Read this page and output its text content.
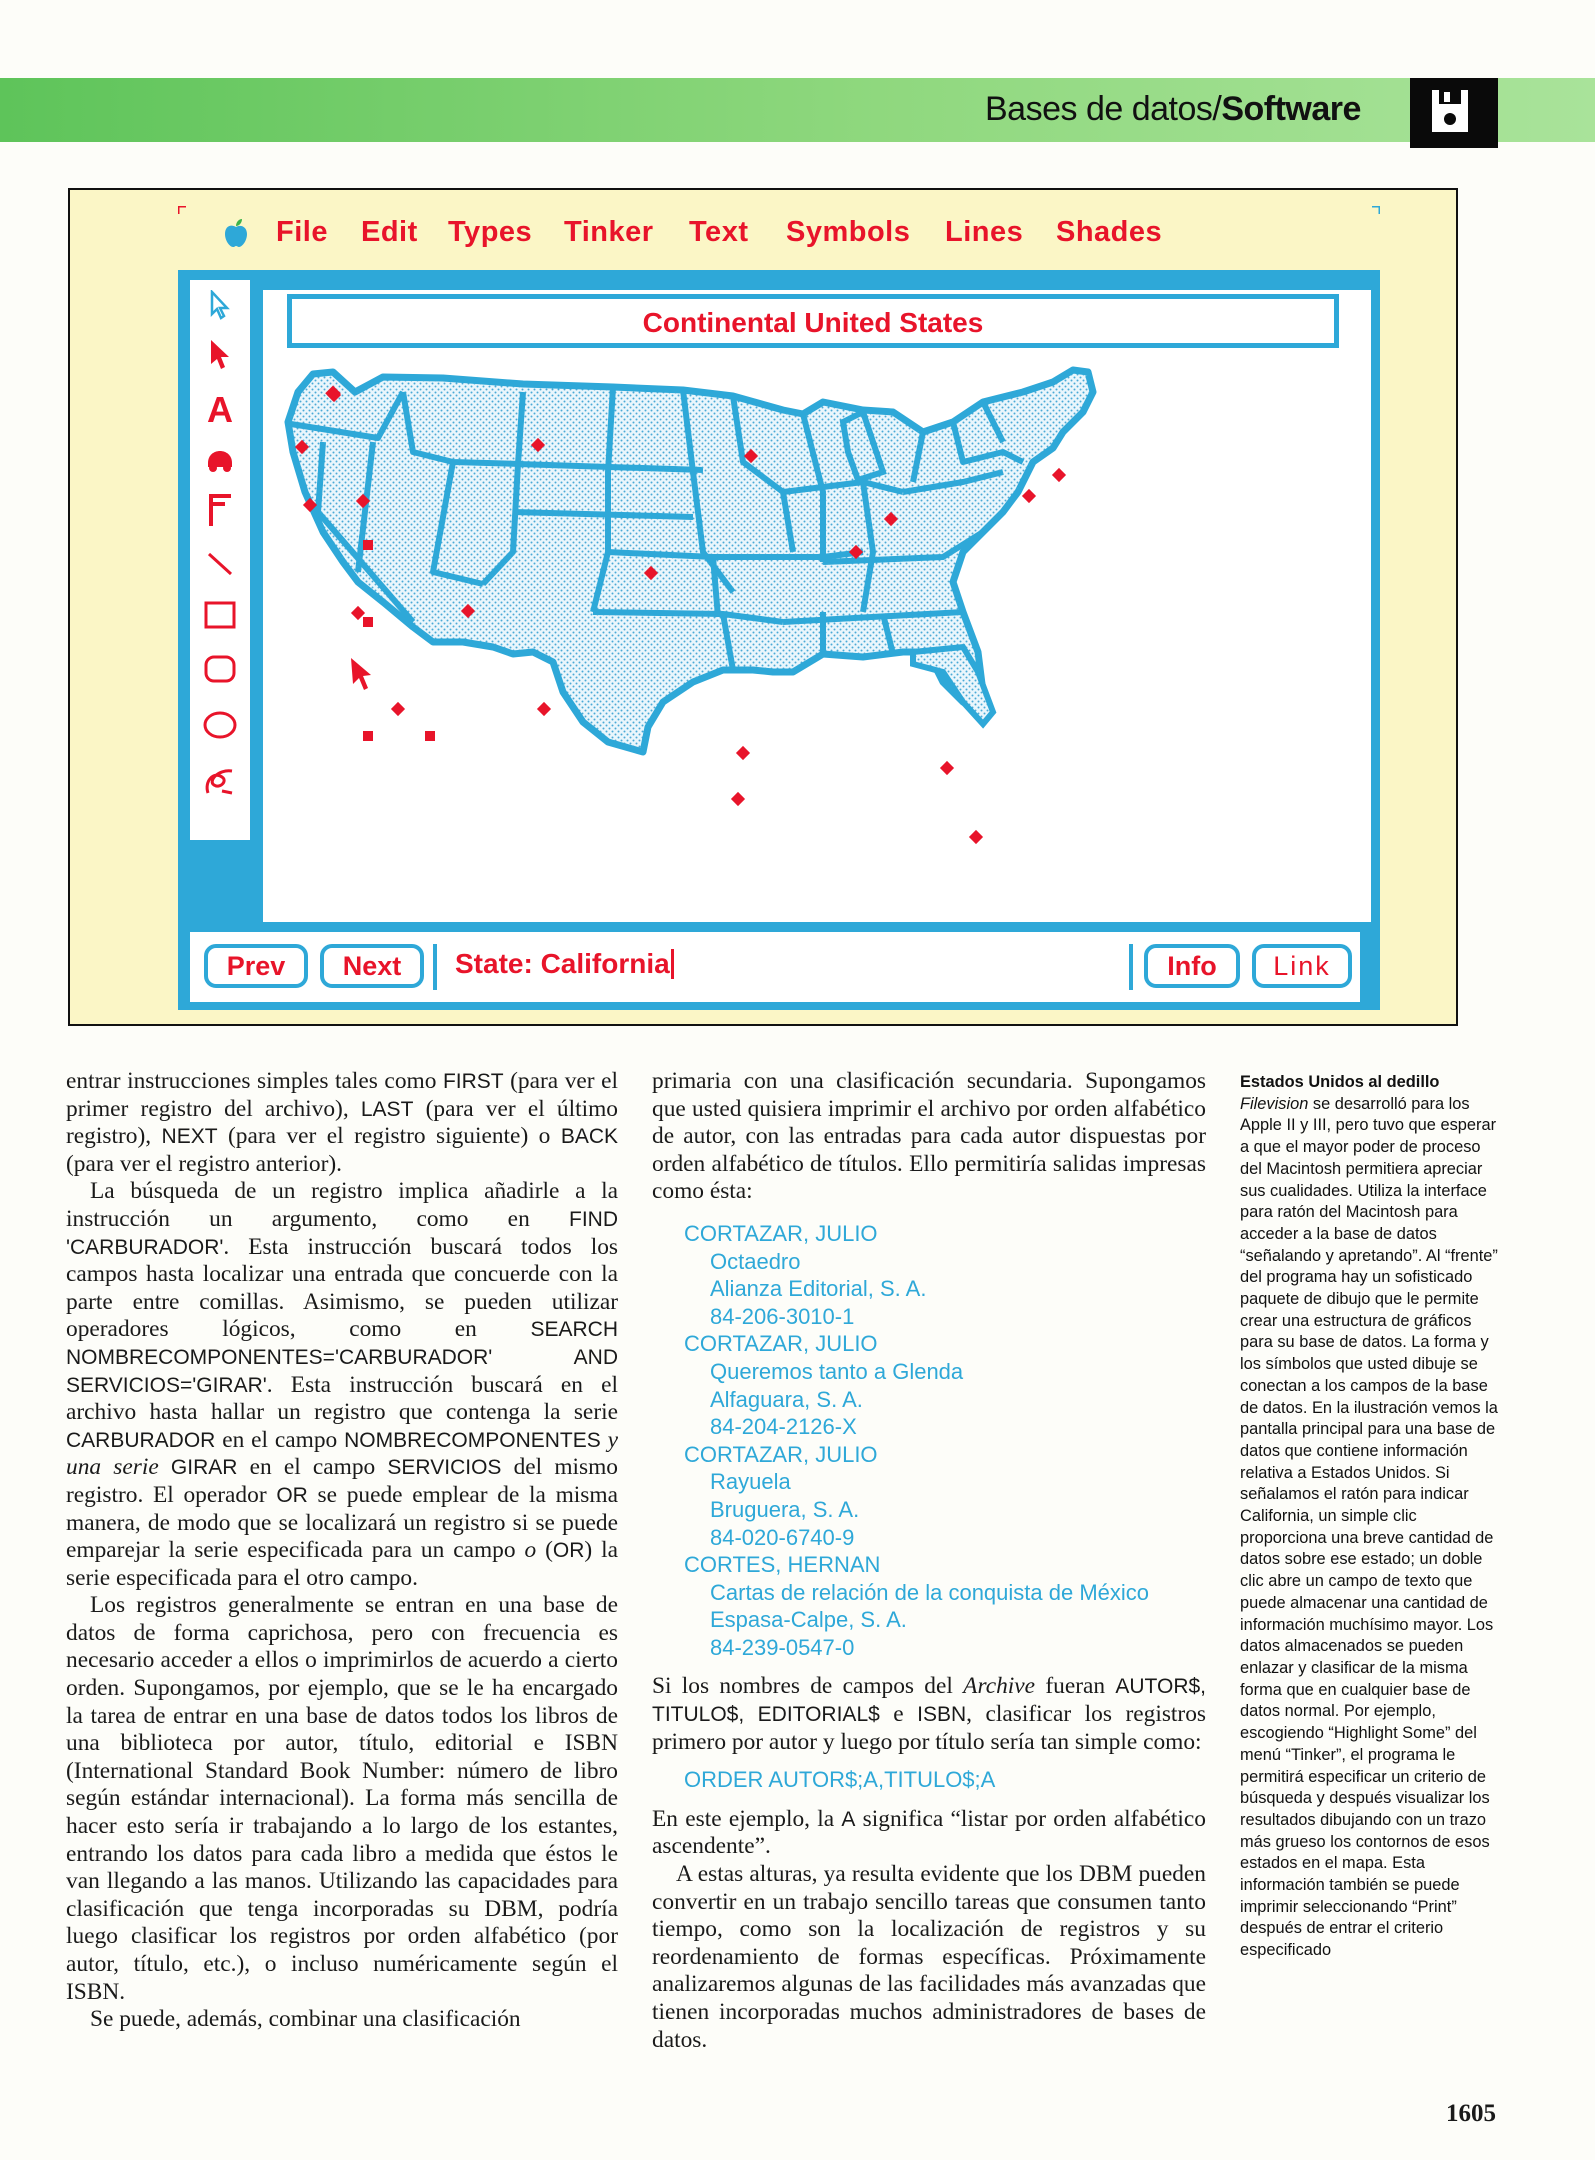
Bases de datos/Software
File Edit Types Tinker Text Symbols Lines Shades
A
Continental United States
Prev	Next	State: California	Info	Link

entrar instrucciones simples tales como FIRST (para ver el primer registro del archivo), LAST (para ver el último registro), NEXT (para ver el registro siguiente) o BACK (para ver el registro anterior).

La búsqueda de un registro implica añadirle a la instrucción un argumento, como en FIND 'CARBURADOR'. Esta instrucción buscará todos los campos hasta localizar una entrada que concuerde con la parte entre comillas. Asimismo, se pueden utilizar operadores lógicos, como en SEARCH NOMBRECOMPONENTES='CARBURADOR' AND SERVICIOS='GIRAR'. Esta instrucción buscará en el archivo hasta hallar un registro que contenga la serie CARBURADOR en el campo NOMBRECOMPONENTES y una serie GIRAR en el campo SERVICIOS del mismo registro. El operador OR se puede emplear de la misma manera, de modo que se localizará un registro si se puede emparejar la serie especificada para un campo o (OR) la serie especificada para el otro campo.

Los registros generalmente se entran en una base de datos de forma caprichosa, pero con frecuencia es necesario acceder a ellos o imprimirlos de acuerdo a cierto orden. Supongamos, por ejemplo, que se le ha encargado la tarea de entrar en una base de datos todos los libros de una biblioteca por autor, título, editorial e ISBN (International Standard Book Number: número de libro según estándar internacional). La forma más sencilla de hacer esto sería ir trabajando a lo largo de los estantes, entrando los datos para cada libro a medida que éstos le van llegando a las manos. Utilizando las capacidades para clasificación que tenga incorporadas su DBM, podría luego clasificar los registros por orden alfabético (por autor, título, etc.), o incluso numéricamente según el ISBN.

Se puede, además, combinar una clasificación

primaria con una clasificación secundaria. Supongamos que usted quisiera imprimir el archivo por orden alfabético de autor, con las entradas para cada autor dispuestas por orden alfabético de títulos. Ello permitiría salidas impresas como ésta:

CORTAZAR, JULIO
Octaedro
Alianza Editorial, S. A.
84-206-3010-1
CORTAZAR, JULIO
Queremos tanto a Glenda
Alfaguara, S. A.
84-204-2126-X
CORTAZAR, JULIO
Rayuela
Bruguera, S. A.
84-020-6740-9
CORTES, HERNAN
Cartas de relación de la conquista de México
Espasa-Calpe, S. A.
84-239-0547-0

Si los nombres de campos del Archive fueran AUTOR$, TITULO$, EDITORIAL$ e ISBN, clasificar los registros primero por autor y luego por título sería tan simple como:

ORDER AUTOR$;A,TITULO$;A

En este ejemplo, la A significa “listar por orden alfabético ascendente”.

A estas alturas, ya resulta evidente que los DBM pueden convertir en un trabajo sencillo tareas que consumen tanto tiempo, como son la localización de registros y su reordenamiento de formas específicas. Próximamente analizaremos algunas de las facilidades más avanzadas que tienen incorporadas muchos administradores de bases de datos.

Estados Unidos al dedillo
Filevision se desarrolló para los Apple II y III, pero tuvo que esperar a que el mayor poder de proceso del Macintosh permitiera apreciar sus cualidades. Utiliza la interface para ratón del Macintosh para acceder a la base de datos “señalando y apretando”. Al “frente” del programa hay un sofisticado paquete de dibujo que le permite crear una estructura de gráficos para su base de datos. La forma y los símbolos que usted dibuje se conectan a los campos de la base de datos. En la ilustración vemos la pantalla principal para una base de datos que contiene información relativa a Estados Unidos. Si señalamos el ratón para indicar California, un simple clic proporciona una breve cantidad de datos sobre ese estado; un doble clic abre un campo de texto que puede almacenar una cantidad de información muchísimo mayor. Los datos almacenados se pueden enlazar y clasificar de la misma forma que en cualquier base de datos normal. Por ejemplo, escogiendo “Highlight Some” del menú “Tinker”, el programa le permitirá especificar un criterio de búsqueda y después visualizar los resultados dibujando con un trazo más grueso los contornos de esos estados en el mapa. Esta información también se puede imprimir seleccionando “Print” después de entrar el criterio especificado
1605
